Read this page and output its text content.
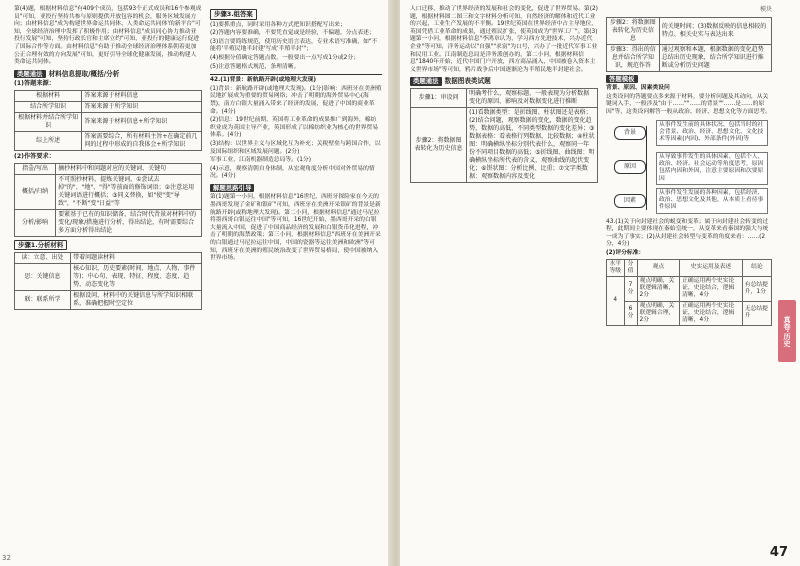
第(4)题，根据材料信息"有409个成员，包括93个正式成员和16个参观成员"可知，亚投行坚持共参与原则提供开放包容的机会，服务区域发展方向；由材料信息"成为构建世界命运共同体、人类命运共同体'的新平台"可知，全球经济治理中发挥了积极作用；由材料信息"成员同心协力推动亚投行发展"可知，坚持行政长官和主席立约"可知，亚投行的健康运行促进了国际合作等方面。由材料信息"有助于推动全球经济治理体系朝着更加公正合理有效的方向发展"可知，更好引导全球化健康发展，推动构建人类命运共同体。

类题通法 材料信息提取/概括/分析

(1)答题来源：

根据材料	答案来源于材料信息
结合所学知识	答案来源于所学知识
根据材料并结合所学知识	答案来源于材料信息+所学知识
综上所述	答案需要综合，所有材料主旨+在确定前几问的过程中形成的自我体会+所学知识

(2)作答要求：

指출/写出	摘抄材料中和问题对应的关键词、关键句
概括/归纳	不可照抄材料，提炼关键词，①尝试去掉"的"、"地"、"得"等前面的修饰词语；②注意运用关键词语进行概括；③同义替换，如"使"变"导致"，"不断"变"日益"等
分析/影响	要紧基于已有的知识储备，结合时代背景对材料中的变化/现象/措施进行分析，得出结论，有时需要综合多方面分析得出结论
步骤1.分析材料
读：立意、出处	带着问题读材料
思：关键信息	核心知识，历史要素(时间、地点、人物、事件等)；中心句、表现、特征、程度、态度、趋势、动态变化等
联：联系所学	根据设问，材料中的关键信息与所学知识相联系，准确把握时空定位
步骤3.组答案

(1)要抓重点，同时采用各种方式把知识搭配写出来；

(2)答题内容要准确，不要凭直觉或是经验，不偏题，分点表述；

(3)语言要简练规范，使用历史语言表达，专业术语写准确，如"不能将'半殖民地半封建'写成'半殖半封'"；

(4)根据分值确定答题点数，一般要出一点写成1分或2分；

(5)注意答题格式规范，条理清晰。

42.(1)背景：新航路开辟(或地理大发现)

(1)背景：新航路开辟(或地理大发现)。(1分)影响：西班牙在美洲殖民地扩展成为重要的贸易网络；冲击了明朝的海外贸易中心(海禁)，南方白银大量涌入带来了经济的发展，促进了中国的商业革命。(4分)

(2)信息：19世纪前期，英国将工业革命的成果推广到海外，棉纺织业成为英国主导产业，英国形成了以棉纺织业为核心的世界贸易体系。(4分)

(3)结构：以世界主义与区域化互为补充；关税壁垒与跨国合作，以及国际组织和区域发展问题。(2分)

军事工业，江南机器制造总局等。(1分)

(4)示意，观察清朝自身体制，从宏观角度分析中国对外贸易的情况。(4分)

解题思路引导

第(1)题第一小问，根据材料信息"16世纪，西班牙探险家在今天的墨西哥发现了金矿和银矿"可知，西班牙在美洲开采银矿的背景是新航路开辟(或称地理大发现)。第二小问，根据材料信息"通过马尼拉将墨西哥白银运往中国"等可知，16世纪开始，墨西哥开采的白银大量流入中国，促进了中国商品经济的发展和白银货币化进程，冲击了明朝的海禁政策；第三小问，根据材料信息"西班牙在美洲开采的白银通过马尼拉运往中国，中国的瓷器等运往美洲和欧洲"等可知，西班牙在美洲的殖民统治改变了世界贸易格局，使中国被纳入世界市场。

32

人口迁移，推动了世界经济的发展和社会的变化，促进了世界贸易。第(2)题，根据材料图二图三和文字材料分析可知，自然经济的解体和近代工业的兴起，工业生产发展的不平衡。19世纪英国在世界经济中占主导地位，英国凭借工业革命的成果，通过殖民扩张，使英国成为"世界工厂"。第(3)题第一小问，根据材料信息"李鸿章认为，学习西方先进技术，兴办近代企业"等可知，洋务运动以"自强""求富"为口号，兴办了一批近代军事工业和民用工业。江南制造总局是洋务派创办的，第二小问，根据材料信息"1840年开始，近代中国门户开放，西方商品涌入，中国被卷入资本主义世界市场"等可知，鸦片战争后中国逐渐沦为半殖民地半封建社会。

类题通法 数据图表类试题
步骤1：审设问	明确考什么，观察标题、一般表现为分析数据变化的原因、影响及对数据变化进行推断
步骤2：将数据图表转化为历史信息	(1)看数据类型：是折线图、柱状图还是表格；(2)结合问题，观察数据的变化，数据的变化趋势，数据的高低，不同类型数据的变化差异；③数据表格：看表格行列数据，比较数据；④柱状图：明确横纵坐标分别代表什么，观察同一年份不同项目数据的高低；⑤折线图、曲线图：明确横纵坐标所代表的含义，观察曲线的起伏变化；⑥饼状图：分析比例、比重；⑦文字类数据：观察数据内容及变化
模块
步骤2：将数据图表转化为历史信息	的关键时间；(3)数据反映的信息相较的特点、相关史实与表达出来
步骤3：得出的信息并结合所学知识，规范作答	通过观察和本题，根据数据的变化趋势总结出历史现象，结合所学知识进行推断或分析历史问题
答题模板

背景、原因、因素类设问

这类设问的答题要点多来源于材料，要分析问题及其动向，从关键词入手，一般涉及"由于……""……的背景""……是……的原因"等，这类设问解答一般从政治、经济、思想文化等方面思考。

背景
从事件发生前的具体状况、包括当时的社会背景、政治、经济、思想文化、文化技术等因素(内因)、外部条件(外因)等
原因
从导致事件发生的具体因素、包括个人、政治、经济、社会运动等角度思考，原因包括内因和外因，注意主要原因和次要原因
因素
从事件发生发展的各种因素，包括经济、政治、思想文化及其他，从本质上看待事件原因

43.(1)关于向封建社会的蜕变和变革；属于向封建社会转变的过程，此期间主要体现在秦始皇统一，从变革来看秦国的强大与统一成为了事实；(2)从封建社会转型与变革的角度来看：……(2分，4分)

(2)评分标准：

水平等级	分值	观点	史实运用及表述	结论
4	7分	观点明确，关联逻辑清晰，2分	正确运用两个史实论证，史论结合，逻辑清晰，4分	有总结提升，1分
	6分	观点明确，关联逻辑合理，2分	正确运用两个史实论证，史论结合，逻辑清晰，4分	无总结提升	真卷·历史
47
